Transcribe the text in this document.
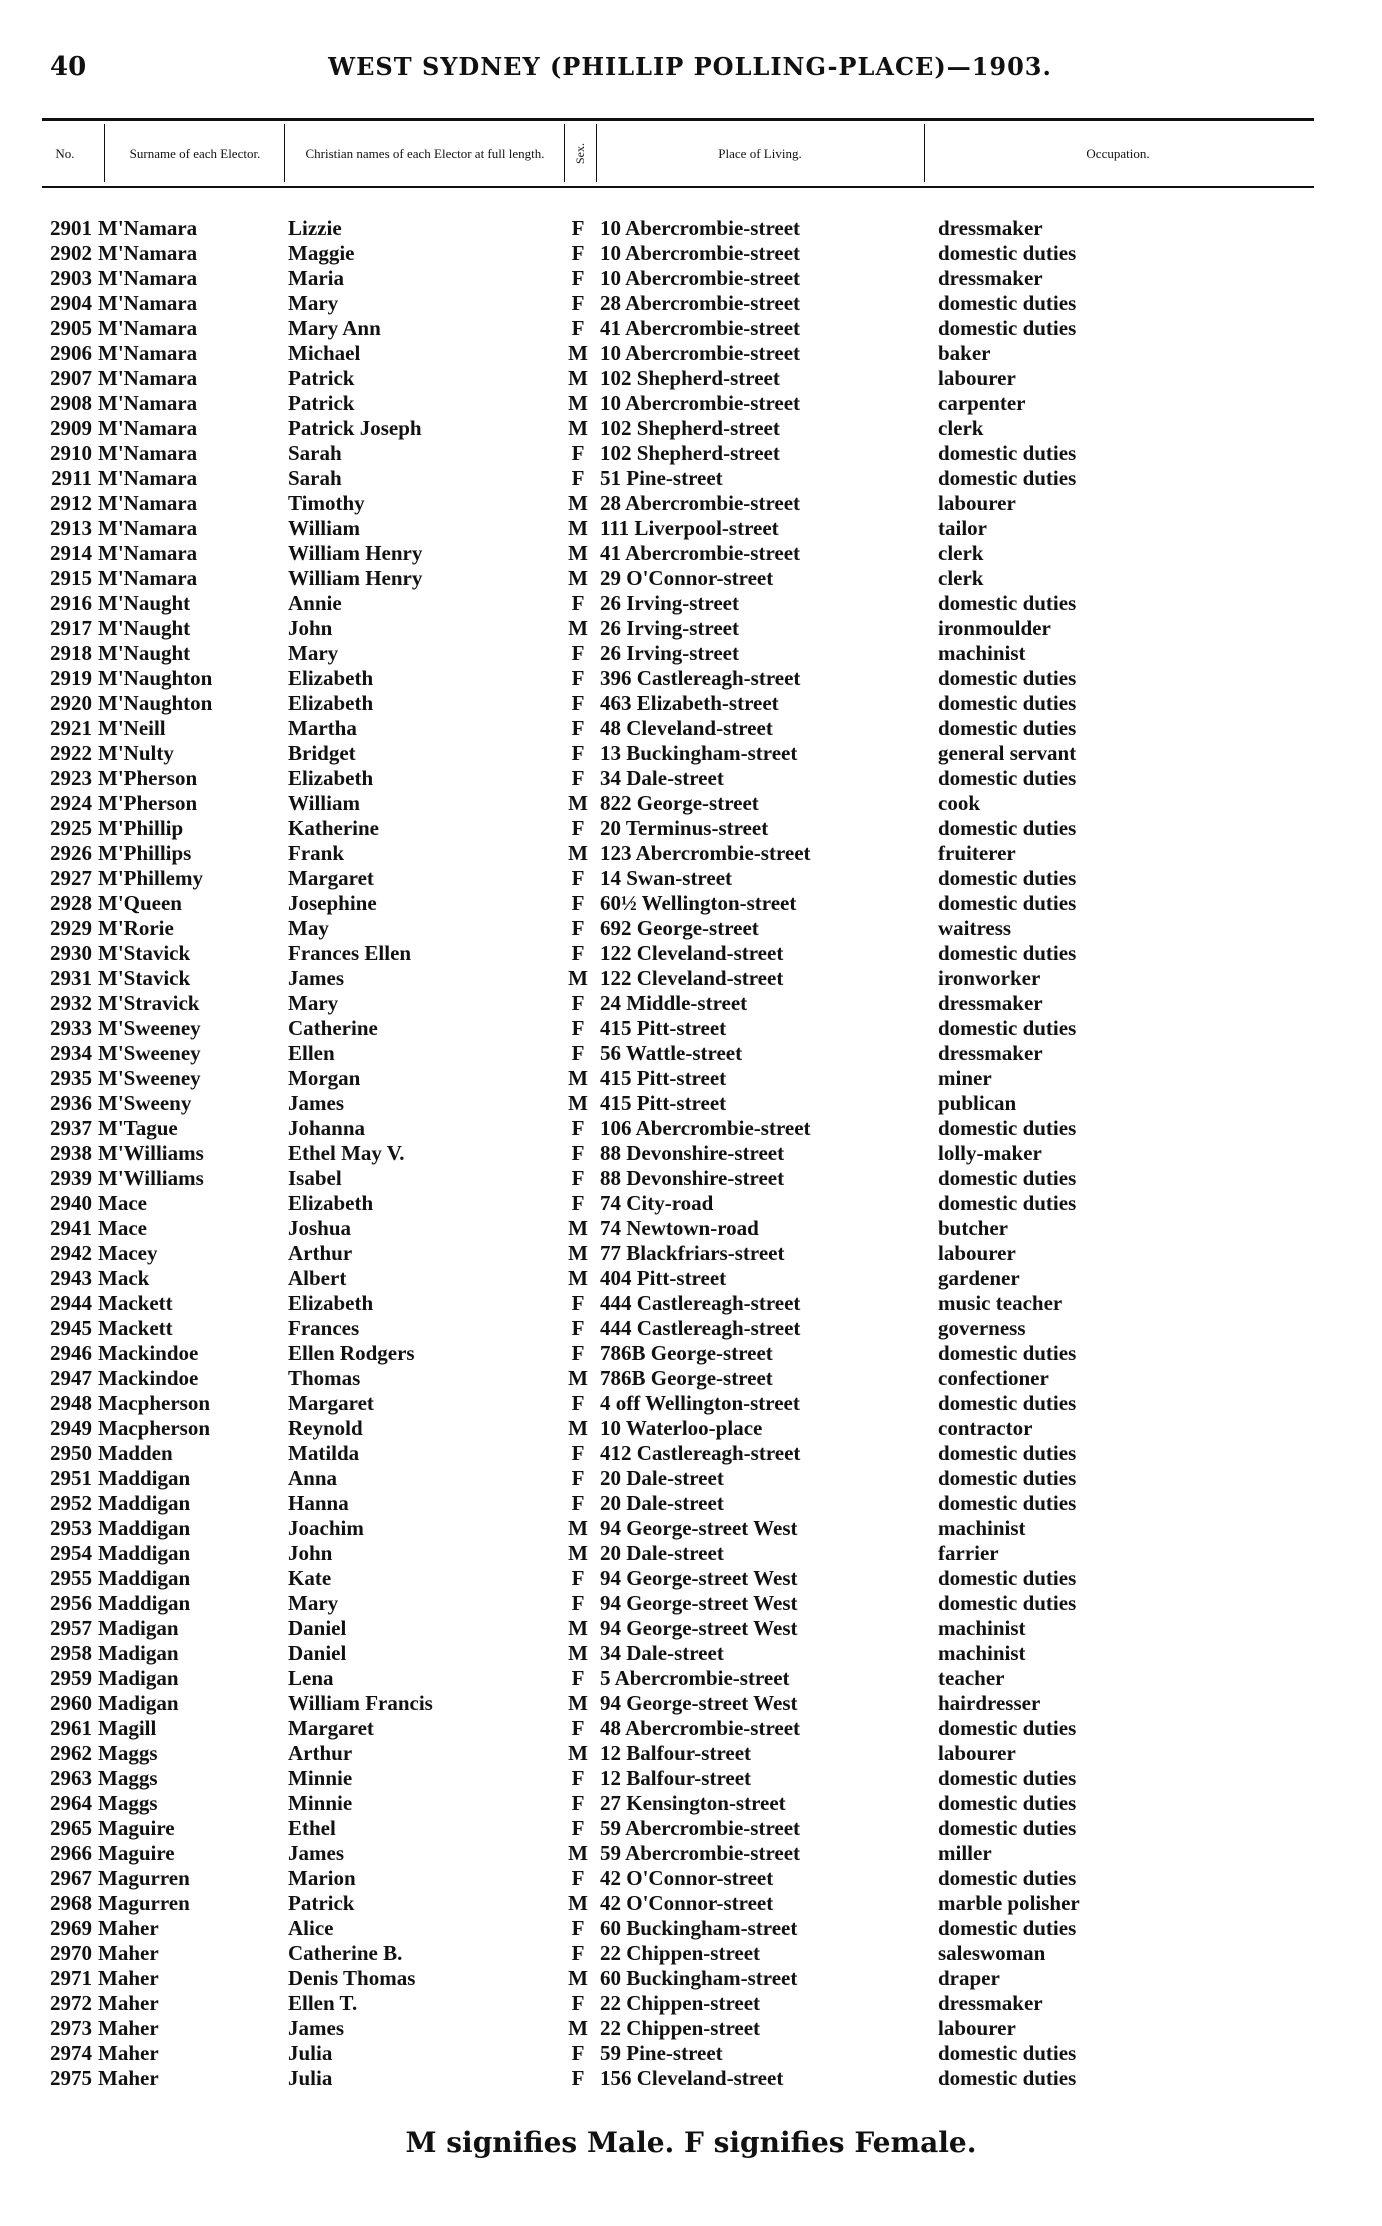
40	WEST SYDNEY (PHILLIP POLLING-PLACE)—1903.
No.	Surname of each Elector.	Christian names of each Elector at full length.	Sex.	Place of Living.	Occupation.
2901 M'Namara	Lizzie	F 10 Abercrombie-street	dressmaker
2902 M'Namara	Maggie	F 10 Abercrombie-street	domestic duties
2903 M'Namara	Maria	F 10 Abercrombie-street	dressmaker
2904 M'Namara	Mary	F 28 Abercrombie-street	domestic duties
2905 M'Namara	Mary Ann	F 41 Abercrombie-street	domestic duties
2906 M'Namara	Michael	M 10 Abercrombie-street	baker
2907 M'Namara	Patrick	M 102 Shepherd-street	labourer
2908 M'Namara	Patrick	M 10 Abercrombie-street	carpenter
2909 M'Namara	Patrick Joseph	M 102 Shepherd-street	clerk
2910 M'Namara	Sarah	F 102 Shepherd-street	domestic duties
2911 M'Namara	Sarah	F 51 Pine-street	domestic duties
2912 M'Namara	Timothy	M 28 Abercrombie-street	labourer
2913 M'Namara	William	M 111 Liverpool-street	tailor
2914 M'Namara	William Henry	M 41 Abercrombie-street	clerk
2915 M'Namara	William Henry	M 29 O'Connor-street	clerk
2916 M'Naught	Annie	F 26 Irving-street	domestic duties
2917 M'Naught	John	M 26 Irving-street	ironmoulder
2918 M'Naught	Mary	F 26 Irving-street	machinist
2919 M'Naughton	Elizabeth	F 396 Castlereagh-street	domestic duties
2920 M'Naughton	Elizabeth	F 463 Elizabeth-street	domestic duties
2921 M'Neill	Martha	F 48 Cleveland-street	domestic duties
2922 M'Nulty	Bridget	F 13 Buckingham-street	general servant
2923 M'Pherson	Elizabeth	F 34 Dale-street	domestic duties
2924 M'Pherson	William	M 822 George-street	cook
2925 M'Phillip	Katherine	F 20 Terminus-street	domestic duties
2926 M'Phillips	Frank	M 123 Abercrombie-street	fruiterer
2927 M'Phillemy	Margaret	F 14 Swan-street	domestic duties
2928 M'Queen	Josephine	F 60½ Wellington-street	domestic duties
2929 M'Rorie	May	F 692 George-street	waitress
2930 M'Stavick	Frances Ellen	F 122 Cleveland-street	domestic duties
2931 M'Stavick	James	M 122 Cleveland-street	ironworker
2932 M'Stravick	Mary	F 24 Middle-street	dressmaker
2933 M'Sweeney	Catherine	F 415 Pitt-street	domestic duties
2934 M'Sweeney	Ellen	F 56 Wattle-street	dressmaker
2935 M'Sweeney	Morgan	M 415 Pitt-street	miner
2936 M'Sweeny	James	M 415 Pitt-street	publican
2937 M'Tague	Johanna	F 106 Abercrombie-street	domestic duties
2938 M'Williams	Ethel May V.	F 88 Devonshire-street	lolly-maker
2939 M'Williams	Isabel	F 88 Devonshire-street	domestic duties
2940 Mace	Elizabeth	F 74 City-road	domestic duties
2941 Mace	Joshua	M 74 Newtown-road	butcher
2942 Macey	Arthur	M 77 Blackfriars-street	labourer
2943 Mack	Albert	M 404 Pitt-street	gardener
2944 Mackett	Elizabeth	F 444 Castlereagh-street	music teacher
2945 Mackett	Frances	F 444 Castlereagh-street	governess
2946 Mackindoe	Ellen Rodgers	F 786B George-street	domestic duties
2947 Mackindoe	Thomas	M 786B George-street	confectioner
2948 Macpherson	Margaret	F 4 off Wellington-street	domestic duties
2949 Macpherson	Reynold	M 10 Waterloo-place	contractor
2950 Madden	Matilda	F 412 Castlereagh-street	domestic duties
2951 Maddigan	Anna	F 20 Dale-street	domestic duties
2952 Maddigan	Hanna	F 20 Dale-street	domestic duties
2953 Maddigan	Joachim	M 94 George-street West	machinist
2954 Maddigan	John	M 20 Dale-street	farrier
2955 Maddigan	Kate	F 94 George-street West	domestic duties
2956 Maddigan	Mary	F 94 George-street West	domestic duties
2957 Madigan	Daniel	M 94 George-street West	machinist
2958 Madigan	Daniel	M 34 Dale-street	machinist
2959 Madigan	Lena	F 5 Abercrombie-street	teacher
2960 Madigan	William Francis	M 94 George-street West	hairdresser
2961 Magill	Margaret	F 48 Abercrombie-street	domestic duties
2962 Maggs	Arthur	M 12 Balfour-street	labourer
2963 Maggs	Minnie	F 12 Balfour-street	domestic duties
2964 Maggs	Minnie	F 27 Kensington-street	domestic duties
2965 Maguire	Ethel	F 59 Abercrombie-street	domestic duties
2966 Maguire	James	M 59 Abercrombie-street	miller
2967 Magurren	Marion	F 42 O'Connor-street	domestic duties
2968 Magurren	Patrick	M 42 O'Connor-street	marble polisher
2969 Maher	Alice	F 60 Buckingham-street	domestic duties
2970 Maher	Catherine B.	F 22 Chippen-street	saleswoman
2971 Maher	Denis Thomas	M 60 Buckingham-street	draper
2972 Maher	Ellen T.	F 22 Chippen-street	dressmaker
2973 Maher	James	M 22 Chippen-street	labourer
2974 Maher	Julia	F 59 Pine-street	domestic duties
2975 Maher	Julia	F 156 Cleveland-street	domestic duties
M signifies Male. F signifies Female.
